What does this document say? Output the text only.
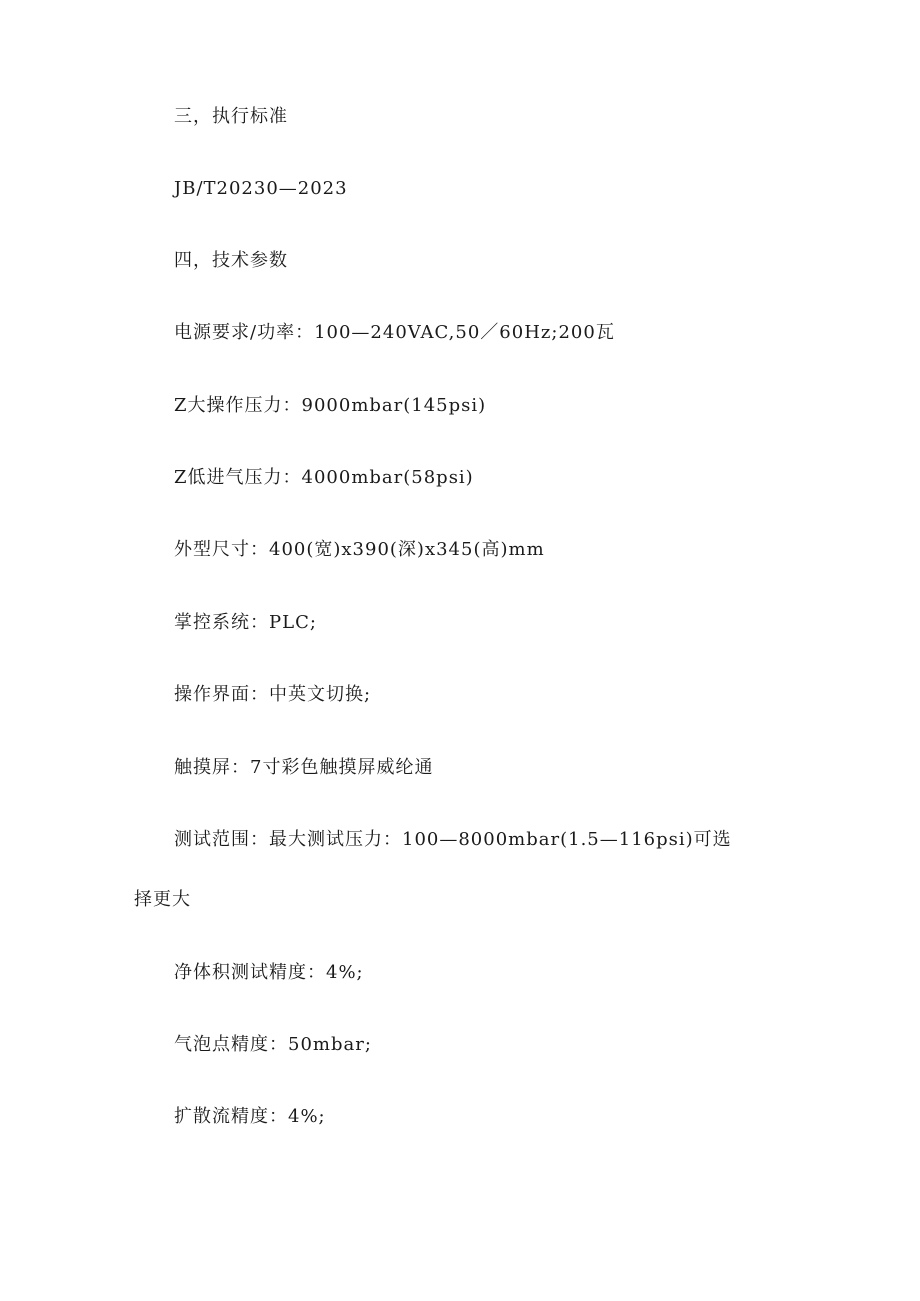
三，执行标准
JB/T20230—2023
四，技术参数
电源要求/功率：100—240VAC,50／60Hz;200瓦
Z大操作压力：9000mbar(145psi)
Z低进气压力：4000mbar(58psi)
外型尺寸：400(宽)x390(深)x345(高)mm
掌控系统：PLC;
操作界面：中英文切换;
触摸屏：7寸彩色触摸屏威纶通
测试范围：最大测试压力：100—8000mbar(1.5—116psi)可选
择更大
净体积测试精度：4%;
气泡点精度：50mbar;
扩散流精度：4%;
